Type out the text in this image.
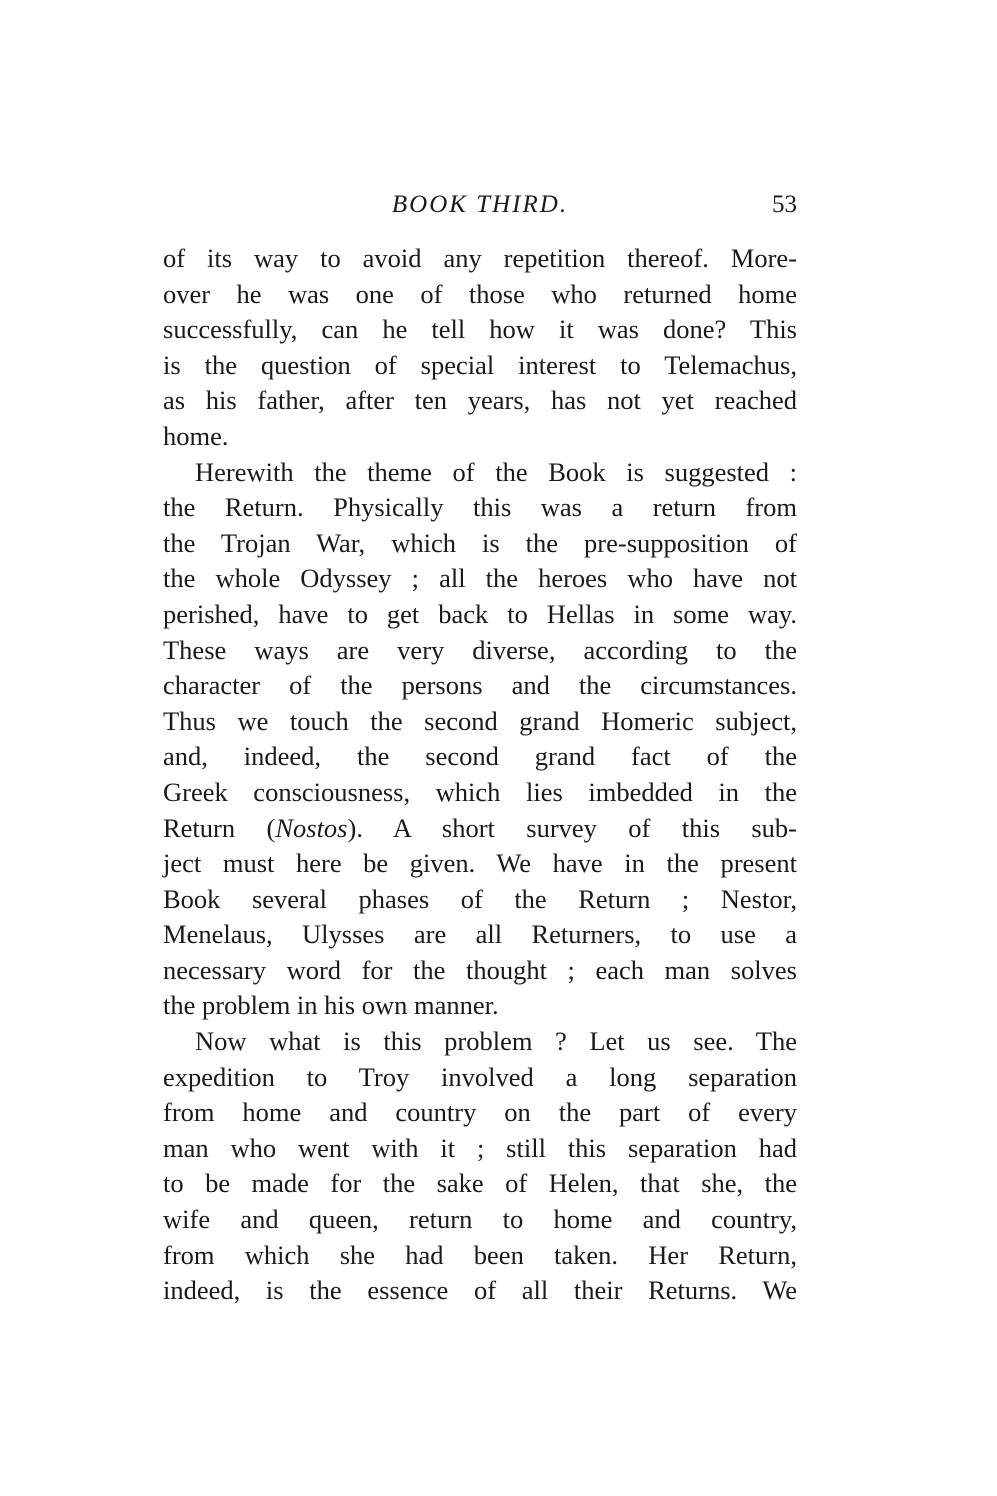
BOOK THIRD.	53
of its way to avoid any repetition thereof. More-
over he was one of those who returned home
successfully, can he tell how it was done? This
is the question of special interest to Telemachus,
as his father, after ten years, has not yet reached
home.
Herewith the theme of the Book is suggested :
the Return. Physically this was a return from
the Trojan War, which is the pre-supposition of
the whole Odyssey ; all the heroes who have not
perished, have to get back to Hellas in some way.
These ways are very diverse, according to the
character of the persons and the circumstances.
Thus we touch the second grand Homeric subject,
and, indeed, the second grand fact of the
Greek consciousness, which lies imbedded in the
Return (Nostos). A short survey of this sub-
ject must here be given. We have in the present
Book several phases of the Return ; Nestor,
Menelaus, Ulysses are all Returners, to use a
necessary word for the thought ; each man solves
the problem in his own manner.
Now what is this problem ? Let us see. The
expedition to Troy involved a long separation
from home and country on the part of every
man who went with it ; still this separation had
to be made for the sake of Helen, that she, the
wife and queen, return to home and country,
from which she had been taken. Her Return,
indeed, is the essence of all their Returns. We
